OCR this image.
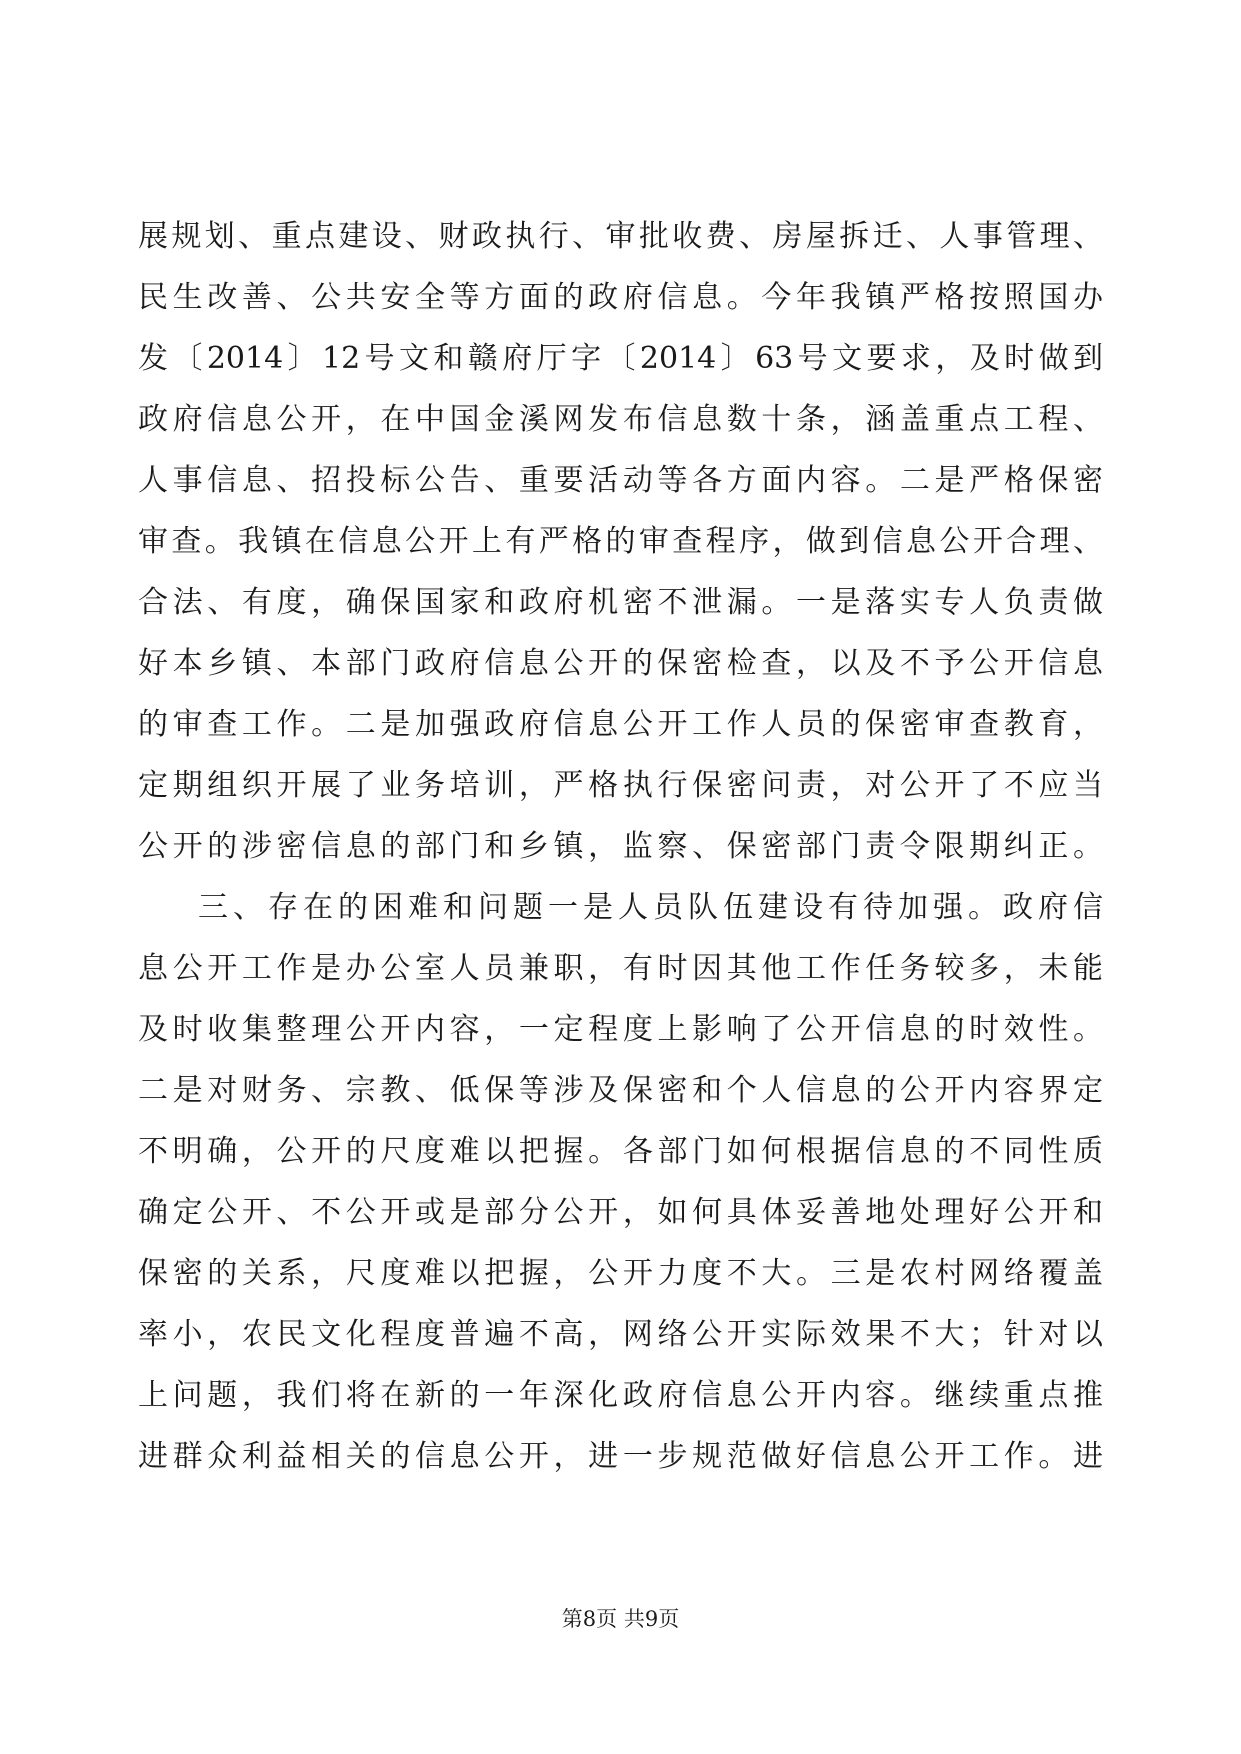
展规划、重点建设、财政执行、审批收费、房屋拆迁、人事管理、
民生改善、公共安全等方面的政府信息。今年我镇严格按照国办
发〔2014〕12号文和赣府厅字〔2014〕63号文要求，及时做到
政府信息公开，在中国金溪网发布信息数十条，涵盖重点工程、
人事信息、招投标公告、重要活动等各方面内容。二是严格保密
审查。我镇在信息公开上有严格的审查程序，做到信息公开合理、
合法、有度，确保国家和政府机密不泄漏。一是落实专人负责做
好本乡镇、本部门政府信息公开的保密检查，以及不予公开信息
的审查工作。二是加强政府信息公开工作人员的保密审查教育，
定期组织开展了业务培训，严格执行保密问责，对公开了不应当
公开的涉密信息的部门和乡镇，监察、保密部门责令限期纠正。
三、存在的困难和问题一是人员队伍建设有待加强。政府信
息公开工作是办公室人员兼职，有时因其他工作任务较多，未能
及时收集整理公开内容，一定程度上影响了公开信息的时效性。
二是对财务、宗教、低保等涉及保密和个人信息的公开内容界定
不明确，公开的尺度难以把握。各部门如何根据信息的不同性质
确定公开、不公开或是部分公开，如何具体妥善地处理好公开和
保密的关系，尺度难以把握，公开力度不大。三是农村网络覆盖
率小，农民文化程度普遍不高，网络公开实际效果不大；针对以
上问题，我们将在新的一年深化政府信息公开内容。继续重点推
进群众利益相关的信息公开，进一步规范做好信息公开工作。进
第8页 共9页
